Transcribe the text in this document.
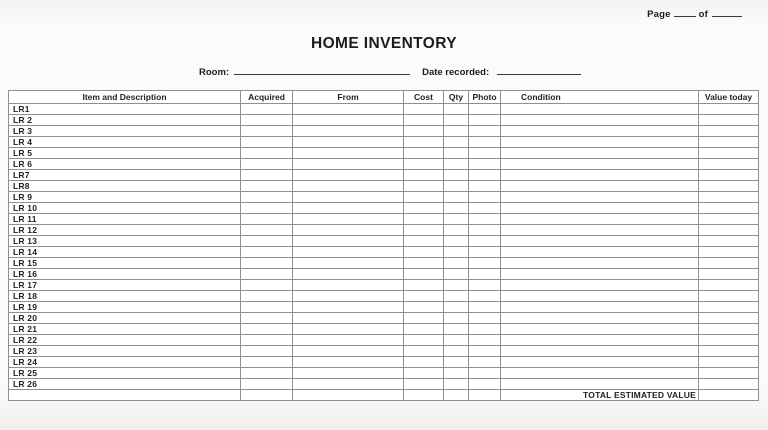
Page	of
HOME INVENTORY
Room:	Date recorded:
Item and Description	Acquired	From	Cost	Qty	Photo	Condition	Value today
LR1							
LR 2							
LR 3							
LR 4							
LR 5							
LR 6							
LR7							
LR8							
LR 9							
LR 10							
LR 11							
LR 12							
LR 13							
LR 14							
LR 15							
LR 16							
LR 17							
LR 18							
LR 19							
LR 20							
LR 21							
LR 22							
LR 23							
LR 24							
LR 25							
LR 26							
						TOTAL ESTIMATED VALUE	
